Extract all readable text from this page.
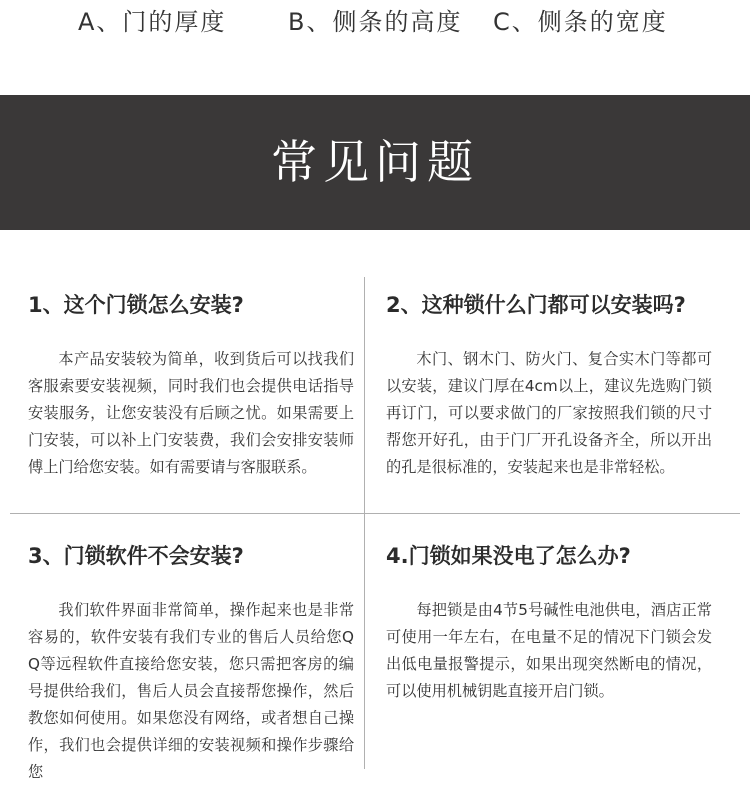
A、门的厚度	B、侧条的高度 C、侧条的宽度
常见问题
1、这个门锁怎么安装?

本产品安装较为简单，收到货后可以找我们客服索要安装视频，同时我们也会提供电话指导安装服务，让您安装没有后顾之忧。如果需要上门安装，可以补上门安装费，我们会安排安装师傅上门给您安装。如有需要请与客服联系。

2、这种锁什么门都可以安装吗?

木门、钢木门、防火门、复合实木门等都可以安装，建议门厚在4cm以上，建议先选购门锁再订门，可以要求做门的厂家按照我们锁的尺寸帮您开好孔，由于门厂开孔设备齐全，所以开出的孔是很标准的，安装起来也是非常轻松。

3、门锁软件不会安装?

我们软件界面非常简单，操作起来也是非常容易的，软件安装有我们专业的售后人员给您QQ等远程软件直接给您安装，您只需把客房的编号提供给我们，售后人员会直接帮您操作，然后教您如何使用。如果您没有网络，或者想自己操作，我们也会提供详细的安装视频和操作步骤给您

4.门锁如果没电了怎么办?

每把锁是由4节5号碱性电池供电，酒店正常可使用一年左右，在电量不足的情况下门锁会发出低电量报警提示，如果出现突然断电的情况，可以使用机械钥匙直接开启门锁。
